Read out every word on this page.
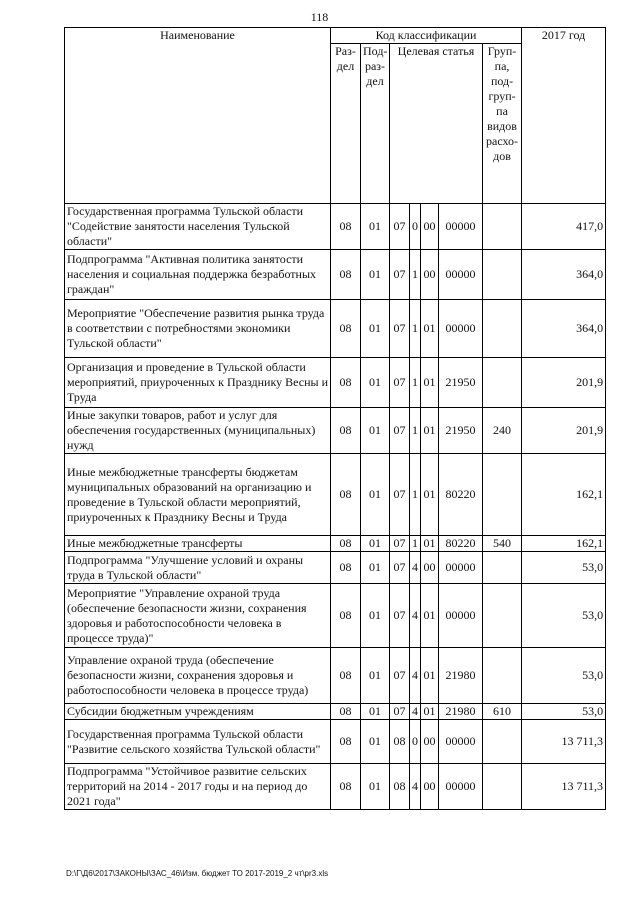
118
Наименование	Код классификации							2017 год
	Раз-дел	Под-раз-дел	Целевая статья				Груп-па, под-груп-па видов расхо-дов	
Государственная программа Тульской области "Содействие занятости населения Тульской области"	08	01	07	0	00	00000		417,0
Подпрограмма "Активная политика занятости населения и социальная поддержка безработных граждан"	08	01	07	1	00	00000		364,0
Мероприятие "Обеспечение развития рынка труда в соответствии с потребностями экономики Тульской области"	08	01	07	1	01	00000		364,0
Организация и проведение в Тульской области мероприятий, приуроченных к Празднику Весны и Труда	08	01	07	1	01	21950		201,9
Иные закупки товаров, работ и услуг для обеспечения государственных (муниципальных) нужд	08	01	07	1	01	21950	240	201,9
Иные межбюджетные трансферты бюджетам муниципальных образований на организацию и проведение в Тульской области мероприятий, приуроченных к Празднику Весны и Труда	08	01	07	1	01	80220		162,1
Иные межбюджетные трансферты	08	01	07	1	01	80220	540	162,1
Подпрограмма "Улучшение условий и охраны труда в Тульской области"	08	01	07	4	00	00000		53,0
Мероприятие "Управление охраной труда (обеспечение безопасности жизни, сохранения здоровья и работоспособности человека в процессе труда)"	08	01	07	4	01	00000		53,0
Управление охраной труда (обеспечение безопасности жизни, сохранения здоровья и работоспособности человека в процессе труда)	08	01	07	4	01	21980		53,0
Субсидии бюджетным учреждениям	08	01	07	4	01	21980	610	53,0
Государственная программа Тульской области "Развитие сельского хозяйства Тульской области"	08	01	08	0	00	00000		13 711,3
Подпрограмма "Устойчивое развитие сельских территорий на 2014 - 2017 годы и на период до 2021 года"	08	01	08	4	00	00000		13 711,3
D:\Г\Д6\2017\ЗАКОНЫ\ЗАС_46\Изм. бюджет ТО 2017-2019_2 чт\pr3.xls
